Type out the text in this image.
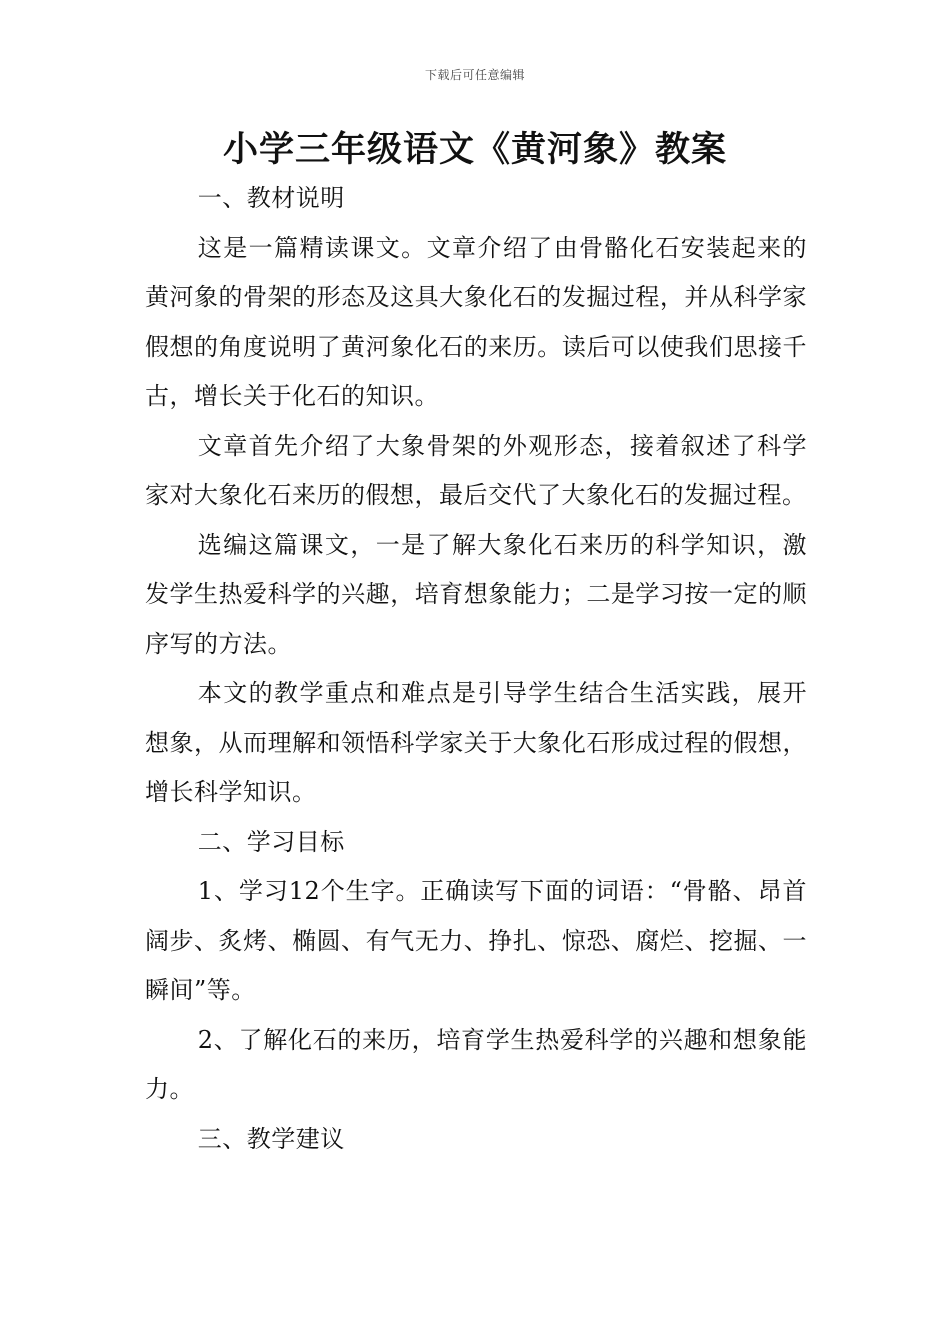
下载后可任意编辑
小学三年级语文《黄河象》教案

一、教材说明

这是一篇精读课文。文章介绍了由骨骼化石安装起来的黄河象的骨架的形态及这具大象化石的发掘过程，并从科学家假想的角度说明了黄河象化石的来历。读后可以使我们思接千古，增长关于化石的知识。

文章首先介绍了大象骨架的外观形态，接着叙述了科学家对大象化石来历的假想，最后交代了大象化石的发掘过程。

选编这篇课文，一是了解大象化石来历的科学知识，激发学生热爱科学的兴趣，培育想象能力；二是学习按一定的顺序写的方法。

本文的教学重点和难点是引导学生结合生活实践，展开想象，从而理解和领悟科学家关于大象化石形成过程的假想，增长科学知识。

二、学习目标

1、学习12个生字。正确读写下面的词语：“骨骼、昂首阔步、炙烤、椭圆、有气无力、挣扎、惊恐、腐烂、挖掘、一瞬间”等。

2、了解化石的来历，培育学生热爱科学的兴趣和想象能力。

三、教学建议
